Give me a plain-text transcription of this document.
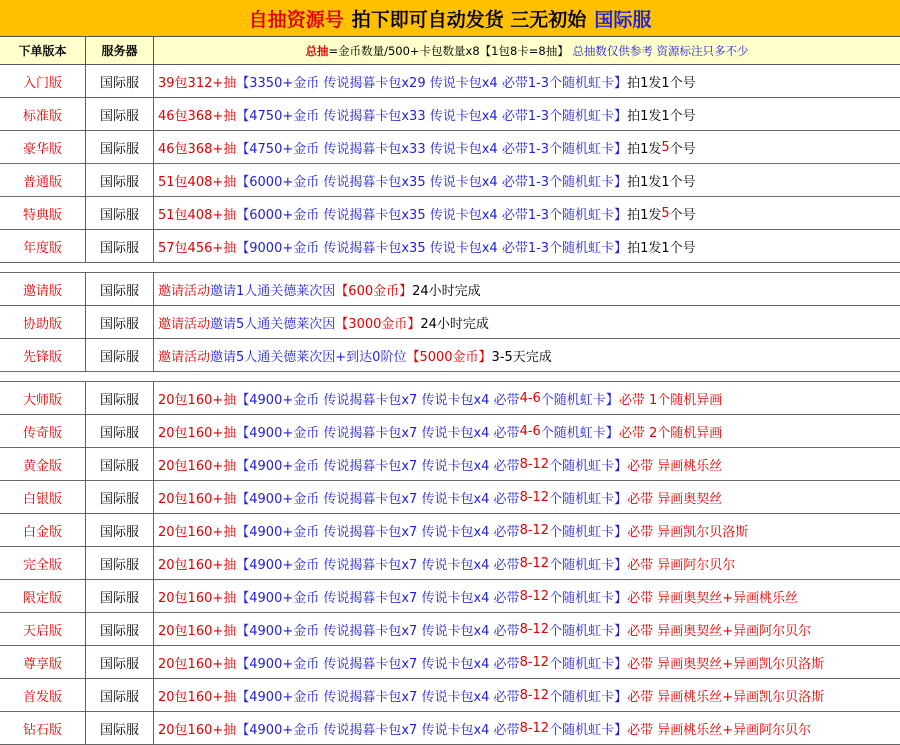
自抽资源号 拍下即可自动发货 三无初始 国际服
下单版本	服务器	总抽=金币数量/500+卡包数量x8【1包8卡=8抽】 总抽数仅供参考 资源标注只多不少
入门版	国际服	39包312+抽 【3350+金币 传说揭暮卡包x29 传说卡包x4 必带1-3个随机虹卡】 拍1发1个号
标准版	国际服	46包368+抽 【4750+金币 传说揭暮卡包x33 传说卡包x4 必带1-3个随机虹卡】 拍1发1个号
豪华版	国际服	46包368+抽 【4750+金币 传说揭暮卡包x33 传说卡包x4 必带1-3个随机虹卡】 拍1发 5 个号
普通版	国际服	51包408+抽 【6000+金币 传说揭暮卡包x35 传说卡包x4 必带1-3个随机虹卡】 拍1发1个号
特典版	国际服	51包408+抽 【6000+金币 传说揭暮卡包x35 传说卡包x4 必带1-3个随机虹卡】 拍1发 5 个号
年度版	国际服	57包456+抽 【9000+金币 传说揭暮卡包x35 传说卡包x4 必带1-3个随机虹卡】 拍1发1个号
邀请版	国际服	邀请活动 邀请1人通关德莱次因 【600金币】 24小时完成
协助版	国际服	邀请活动 邀请5人通关德莱次因 【3000金币】 24小时完成
先锋版	国际服	邀请活动 邀请5人通关德莱次因+到达0阶位 【5000金币】 3-5天完成
大师版	国际服	20包160+抽 【4900+金币 传说揭暮卡包x7 传说卡包x4 必带 4-6 个随机虹卡】 必带 1个随机异画
传奇版	国际服	20包160+抽 【4900+金币 传说揭暮卡包x7 传说卡包x4 必带 4-6 个随机虹卡】 必带 2个随机异画
黄金版	国际服	20包160+抽 【4900+金币 传说揭暮卡包x7 传说卡包x4 必带 8-12 个随机虹卡】 必带 异画桃乐丝
白银版	国际服	20包160+抽 【4900+金币 传说揭暮卡包x7 传说卡包x4 必带 8-12 个随机虹卡】 必带 异画奥契丝
白金版	国际服	20包160+抽 【4900+金币 传说揭暮卡包x7 传说卡包x4 必带 8-12 个随机虹卡】 必带 异画凯尔贝洛斯
完全版	国际服	20包160+抽 【4900+金币 传说揭暮卡包x7 传说卡包x4 必带 8-12 个随机虹卡】 必带 异画阿尔贝尔
限定版	国际服	20包160+抽 【4900+金币 传说揭暮卡包x7 传说卡包x4 必带 8-12 个随机虹卡】 必带 异画奥契丝+异画桃乐丝
天启版	国际服	20包160+抽 【4900+金币 传说揭暮卡包x7 传说卡包x4 必带 8-12 个随机虹卡】 必带 异画奥契丝+异画阿尔贝尔
尊享版	国际服	20包160+抽 【4900+金币 传说揭暮卡包x7 传说卡包x4 必带 8-12 个随机虹卡】 必带 异画奥契丝+异画凯尔贝洛斯
首发版	国际服	20包160+抽 【4900+金币 传说揭暮卡包x7 传说卡包x4 必带 8-12 个随机虹卡】 必带 异画桃乐丝+异画凯尔贝洛斯
钻石版	国际服	20包160+抽 【4900+金币 传说揭暮卡包x7 传说卡包x4 必带 8-12 个随机虹卡】 必带 异画桃乐丝+异画阿尔贝尔
